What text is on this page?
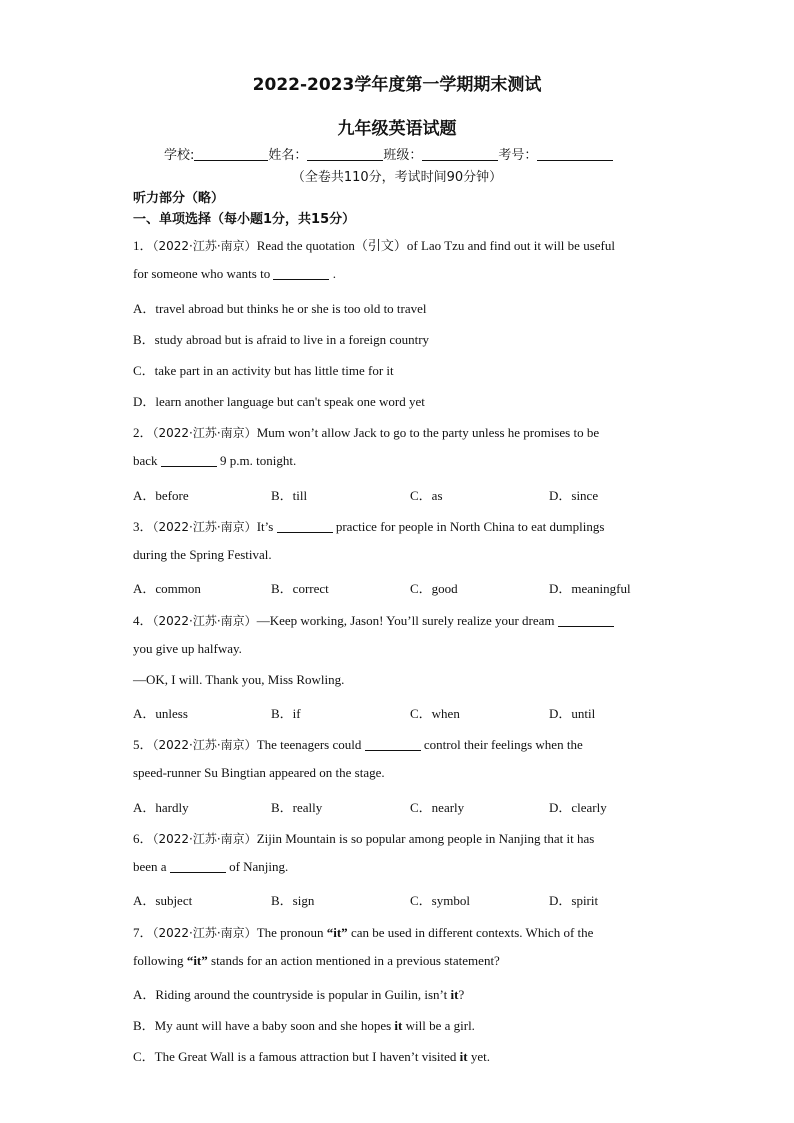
2022-2023学年度第一学期期末测试
九年级英语试题
学校:	姓名：	班级：	考号：
（全卷共110分，考试时间90分钟）
听力部分（略）
一、单项选择（每小题1分，共15分）
1．（2022·江苏·南京）Read the quotation（引文）of Lao Tzu and find out it will be useful
for someone who wants to	.
A．travel abroad but thinks he or she is too old to travel
B．study abroad but is afraid to live in a foreign country
C．take part in an activity but has little time for it
D．learn another language but can't speak one word yet
2．（2022·江苏·南京）Mum won’t allow Jack to go to the party unless he promises to be
back	9 p.m. tonight.
A．before	B．till	C．as	D．since
3．（2022·江苏·南京）It’s	practice for people in North China to eat dumplings
during the Spring Festival.
A．common	B．correct	C．good	D．meaningful
4．（2022·江苏·南京）—Keep working, Jason! You’ll surely realize your dream
you give up halfway.
—OK, I will. Thank you, Miss Rowling.
A．unless	B．if	C．when	D．until
5．（2022·江苏·南京）The teenagers could	control their feelings when the
speed-runner Su Bingtian appeared on the stage.
A．hardly	B．really	C．nearly	D．clearly
6．（2022·江苏·南京）Zijin Mountain is so popular among people in Nanjing that it has
been a	of Nanjing.
A．subject	B．sign	C．symbol	D．spirit
7．（2022·江苏·南京）The pronoun “it” can be used in different contexts. Which of the
following “it” stands for an action mentioned in a previous statement?
A．Riding around the countryside is popular in Guilin, isn’t it?
B．My aunt will have a baby soon and she hopes it will be a girl.
C．The Great Wall is a famous attraction but I haven’t visited it yet.
